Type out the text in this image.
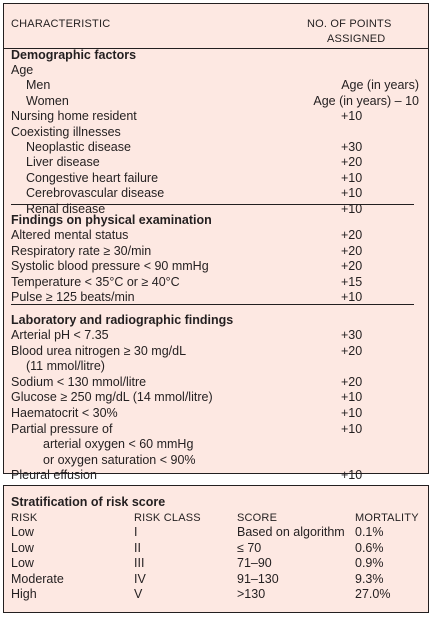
CHARACTERISTIC	NO. OF POINTS
ASSIGNED
Demographic factors
Age
Men	Age (in years)
Women	Age (in years) – 10
Nursing home resident	+10
Coexisting illnesses
Neoplastic disease	+30
Liver disease	+20
Congestive heart failure	+10
Cerebrovascular disease	+10
Renal disease	+10
Findings on physical examination
Altered mental status	+20
Respiratory rate ≥ 30/min	+20
Systolic blood pressure < 90 mmHg	+20
Temperature < 35°C or ≥ 40°C	+15
Pulse ≥ 125 beats/min	+10
Laboratory and radiographic findings
Arterial pH < 7.35	+30
Blood urea nitrogen ≥ 30 mg/dL	+20
(11 mmol/litre)
Sodium < 130 mmol/litre	+20
Glucose ≥ 250 mg/dL (14 mmol/litre)	+10
Haematocrit < 30%	+10
Partial pressure of	+10
arterial oxygen < 60 mmHg
or oxygen saturation < 90%
Pleural effusion	+10
Stratification of risk score
RISK	RISK CLASS	SCORE	MORTALITY
Low	I	Based on algorithm 0.1%
Low	II	≤ 70	0.6%
Low	III	71–90	0.9%
Moderate	IV	91–130	9.3%
High	V	>130	27.0%
